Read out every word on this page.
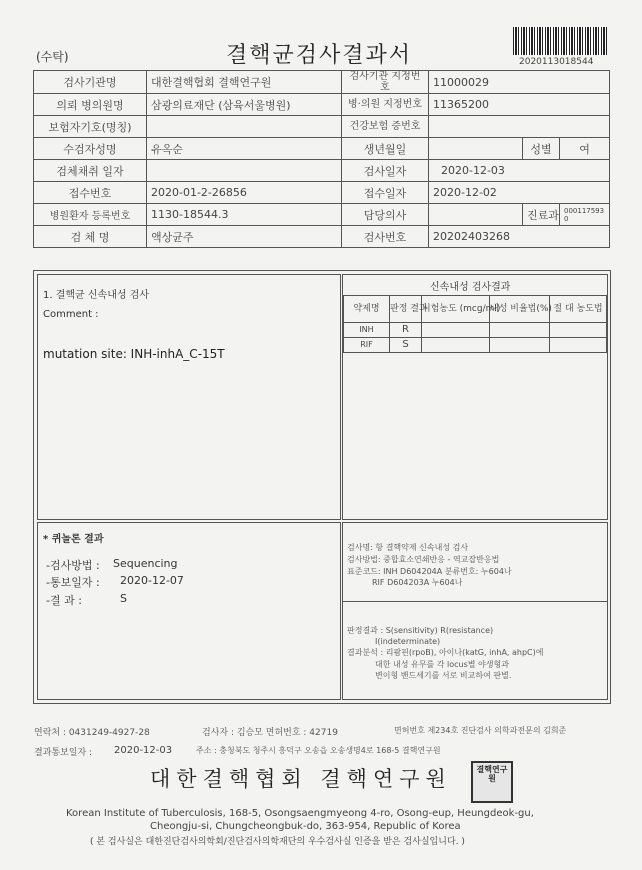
(수탁)	결핵균검사결과서	2020113018544
검사기관명	대한결핵협회 결핵연구원	검사기관 지정번호	11000029		
의뢰 병의원명	삼광의료재단 (삼육서울병원)	병·의원 지정번호	11365200		
보험자기호(명칭)		건강보험 증번호			
수검자성명	유옥순	생년월일		성별	여
검체채취 일자		검사일자	2020-12-03		
접수번호	2020-01-2-26856	접수일자	2020-12-02		
병원환자 등록번호	1130-18544.3	담당의사		진료과	0001175930
검 체 명	액상균주	검사번호	20202403268		
1. 결핵균 신속내성 검사
Comment :
mutation site: INH-inhA_C-15T
* 퀴놀론 결과
-검사방법 : Sequencing
-통보일자 : 2020-12-07
-결 과 :	S
신속내성 검사결과
약제명	판정 결과	시험농도 (mcg/ml)	내성 비율법(%)	절 대 농도법
INH	R			
RIF	S			
검사명: 항 결핵약제 신속내성 검사
검사방법: 중합효소연쇄반응 - 역교잡반응법
표준코드: INH D604204A 분류번호: 누604나
RIF D604203A 누604나
판정결과 : S(sensitivity) R(resistance)
I(indeterminate)
결과분석 : 리팜핀(rpoB), 아이나(katG, inhA, ahpC)에
대한 내성 유무를 각 locus별 야생형과
변이형 밴드세기를 서로 비교하여 판별.
연락처 : 0431249-4927-28	검사자 : 김승모 면허번호 : 42719	면허번호 제234호 진단검사 의학과전문의 김희준
결과통보일자 : 2020-12-03	주소 : 충청북도 청주시 흥덕구 오송읍 오송생명4로 168-5 결핵연구원
대한결핵협회 결핵연구원	결핵연구원
Korean Institute of Tuberculosis, 168-5, Osongsaengmyeong 4-ro, Osong-eup, Heungdeok-gu,
Cheongju-si, Chungcheongbuk-do, 363-954, Republic of Korea
( 본 검사실은 대한진단검사의학회/진단검사의학재단의 우수검사실 인증을 받은 검사실입니다. )
